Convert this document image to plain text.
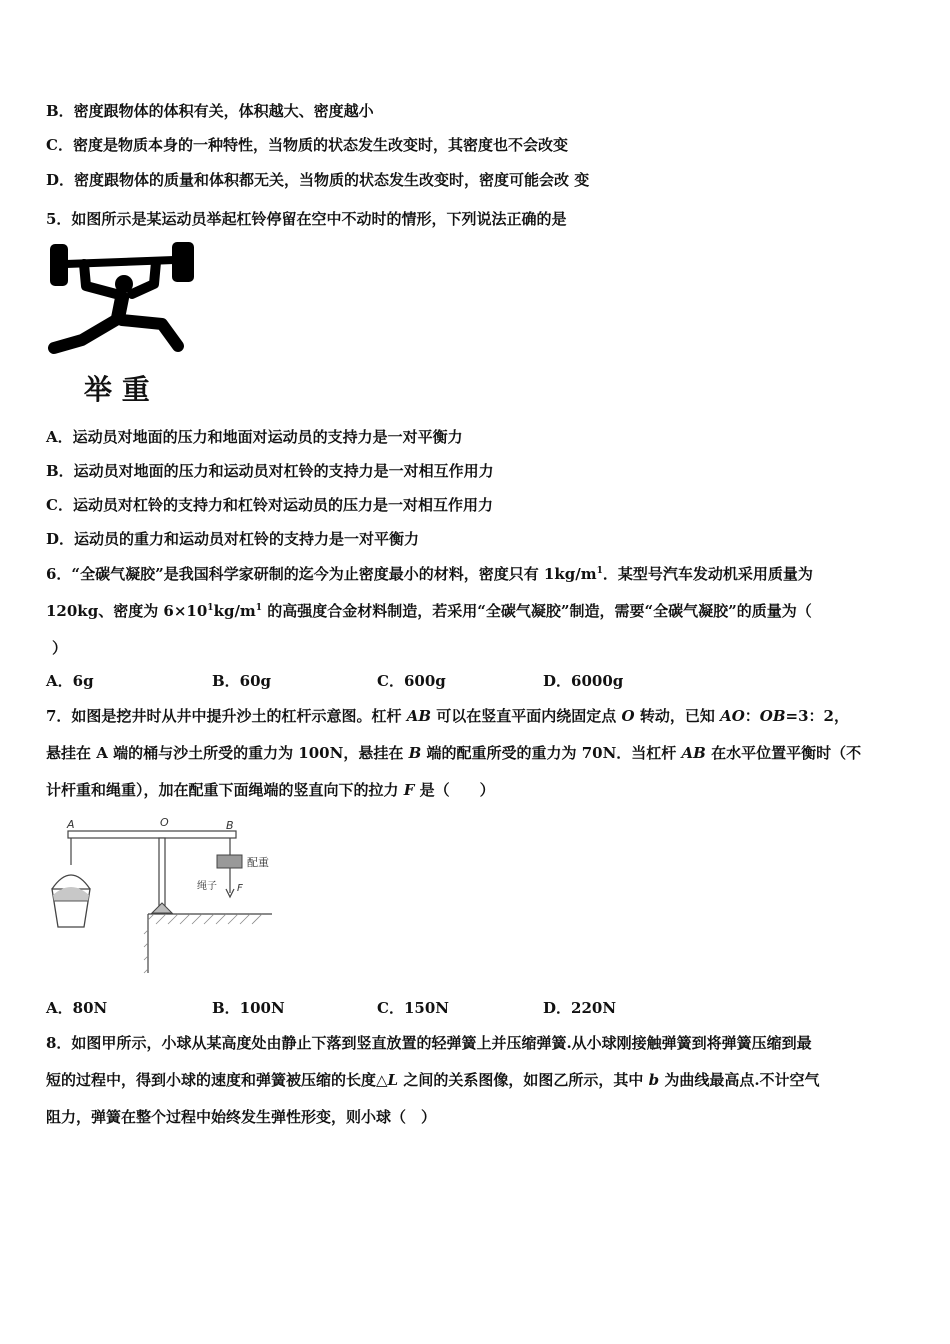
B．密度跟物体的体积有关，体积越大、密度越小
C．密度是物质本身的一种特性，当物质的状态发生改变时，其密度也不会改变
D．密度跟物体的质量和体积都无关，当物质的状态发生改变时，密度可能会改 变
5．如图所示是某运动员举起杠铃停留在空中不动时的情形，下列说法正确的是
举 重
A．运动员对地面的压力和地面对运动员的支持力是一对平衡力
B．运动员对地面的压力和运动员对杠铃的支持力是一对相互作用力
C．运动员对杠铃的支持力和杠铃对运动员的压力是一对相互作用力
D．运动员的重力和运动员对杠铃的支持力是一对平衡力
6．“全碳气凝胶”是我国科学家研制的迄今为止密度最小的材料，密度只有 $1kg/m^1$．某型号汽车发动机采用质量为
120kg、密度为 $6\times 10^1kg/m^1$ 的高强度合金材料制造，若采用“全碳气凝胶”制造，需要“全碳气凝胶”的质量为（
）
A．6g	B．60g	C．600g	D．6000g
7．如图是挖井时从井中提升沙土的杠杆示意图。杠杆 AB 可以在竖直平面内绕固定点 O 转动，已知 AO：OB=3：2，
悬挂在 A 端的桶与沙土所受的重力为 100N，悬挂在 B 端的配重所受的重力为 70N．当杠杆 AB 在水平位置平衡时（不
计杆重和绳重），加在配重下面绳端的竖直向下的拉力 F 是（　　）
A	O	B
配重
绳子 F
A．80N	B．100N	C．150N	D．220N
8．如图甲所示，小球从某高度处由静止下落到竖直放置的轻弹簧上并压缩弹簧.从小球刚接触弹簧到将弹簧压缩到最
短的过程中，得到小球的速度和弹簧被压缩的长度△L 之间的关系图像，如图乙所示，其中 b 为曲线最高点.不计空气
阻力，弹簧在整个过程中始终发生弹性形变，则小球（　）
